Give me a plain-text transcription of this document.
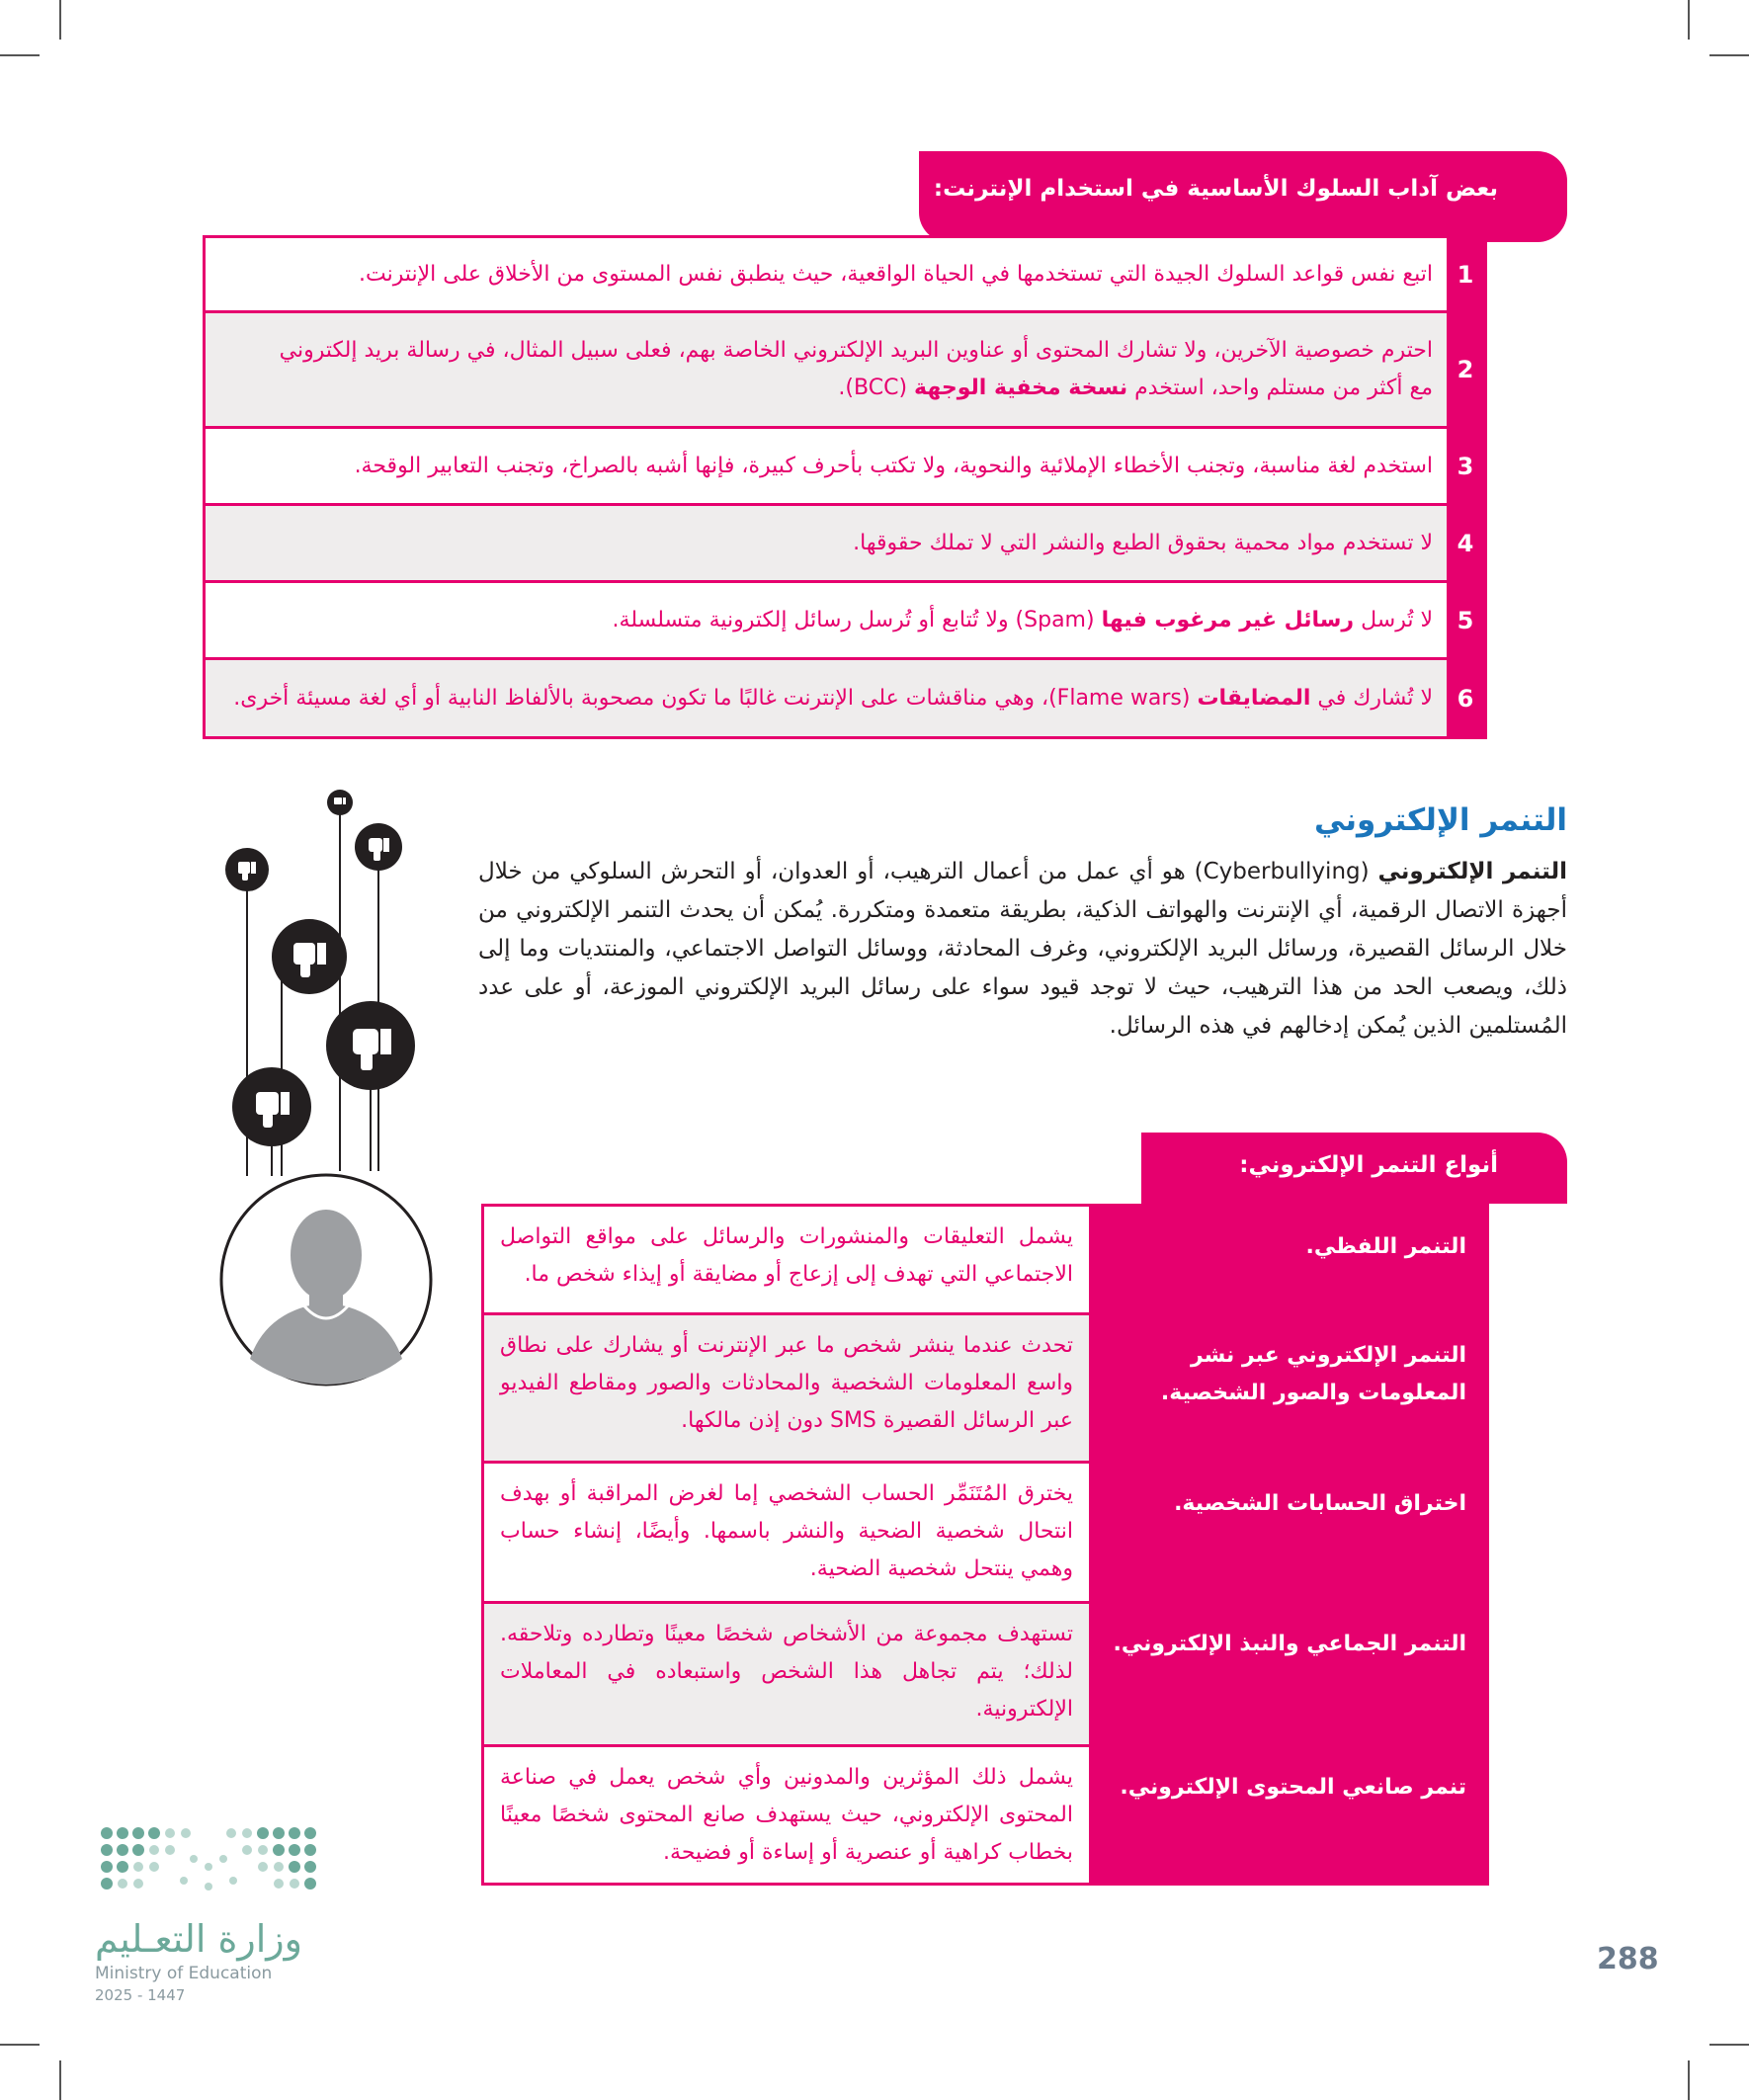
بعض آداب السلوك الأساسية في استخدام الإنترنت:
1
اتبع نفس قواعد السلوك الجيدة التي تستخدمها في الحياة الواقعية، حيث ينطبق نفس المستوى من الأخلاق على الإنترنت.
2
احترم خصوصية الآخرين، ولا تشارك المحتوى أو عناوين البريد الإلكتروني الخاصة بهم، فعلى سبيل المثال، في رسالة بريد إلكتروني
مع أكثر من مستلم واحد، استخدم نسخة مخفية الوجهة (BCC).
3
استخدم لغة مناسبة، وتجنب الأخطاء الإملائية والنحوية، ولا تكتب بأحرف كبيرة، فإنها أشبه بالصراخ، وتجنب التعابير الوقحة.
4
لا تستخدم مواد محمية بحقوق الطبع والنشر التي لا تملك حقوقها.
5
لا تُرسل رسائل غير مرغوب فيها (Spam) ولا تُتابع أو تُرسل رسائل إلكترونية متسلسلة.
6
لا تُشارك في المضايقات (Flame wars)، وهي مناقشات على الإنترنت غالبًا ما تكون مصحوبة بالألفاظ النابية أو أي لغة مسيئة أخرى.
التنمر الإلكتروني

التنمر الإلكتروني (Cyberbullying) هو أي عمل من أعمال الترهيب، أو العدوان، أو التحرش السلوكي من خلال أجهزة الاتصال الرقمية، أي الإنترنت والهواتف الذكية، بطريقة متعمدة ومتكررة. يُمكن أن يحدث التنمر الإلكتروني من خلال الرسائل القصيرة، ورسائل البريد الإلكتروني، وغرف المحادثة، ووسائل التواصل الاجتماعي، والمنتديات وما إلى ذلك، ويصعب الحد من هذا الترهيب، حيث لا توجد قيود سواء على رسائل البريد الإلكتروني الموزعة، أو على عدد المُستلمين الذين يُمكن إدخالهم في هذه الرسائل.

أنواع التنمر الإلكتروني:
التنمر اللفظي.
يشمل التعليقات والمنشورات والرسائل على مواقع التواصل الاجتماعي التي تهدف إلى إزعاج أو مضايقة أو إيذاء شخص ما.
التنمر الإلكتروني عبر نشر المعلومات والصور الشخصية.
تحدث عندما ينشر شخص ما عبر الإنترنت أو يشارك على نطاق واسع المعلومات الشخصية والمحادثات والصور ومقاطع الفيديو عبر الرسائل القصيرة SMS دون إذن مالكها.
اختراق الحسابات الشخصية.
يخترق المُتَنَمِّر الحساب الشخصي إما لغرض المراقبة أو بهدف انتحال شخصية الضحية والنشر باسمها. وأيضًا، إنشاء حساب وهمي ينتحل شخصية الضحية.
التنمر الجماعي والنبذ الإلكتروني.
تستهدف مجموعة من الأشخاص شخصًا معينًا وتطارده وتلاحقه. لذلك؛ يتم تجاهل هذا الشخص واستبعاده في المعاملات الإلكترونية.
تنمر صانعي المحتوى الإلكتروني.
يشمل ذلك المؤثرين والمدونين وأي شخص يعمل في صناعة المحتوى الإلكتروني، حيث يستهدف صانع المحتوى شخصًا معينًا بخطاب كراهية أو عنصرية أو إساءة أو فضيحة.
وزارة التعـليم
Ministry of Education
2025 - 1447
288
